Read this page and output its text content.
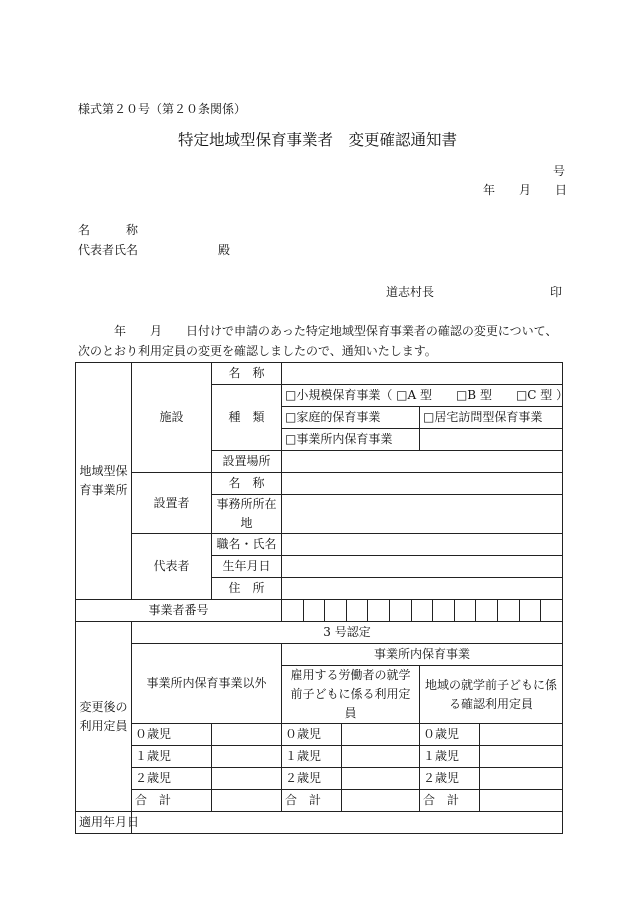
様式第２０号（第２０条関係）
特定地域型保育事業者　変更確認通知書
号
年　　月　　日
名　　　称
代表者氏名	殿
道志村長	印
年　　月　　日付けで申請のあった特定地域型保育事業者の確認の変更について、
次のとおり利用定員の変更を確認しましたので、通知いたします。
地域型保育事業所	施設	名　称				
		種　類	□小規模保育事業（ □A 型　　□B 型　　□C 型 ）			
			□家庭的保育事業		□居宅訪問型保育事業	
			□事業所内保育事業			
		設置場所				
	設置者	名　称				
		事務所所在地				

	代表者	職名・氏名				
		生年月日				
		住　所				
事業者番号						

変更後の利用定員	3 号認定					
	事業所内保育事業以外		事業所内保育事業			
			雇用する労働者の就学前子どもに係る利用定員		地域の就学前子どもに係る確認利用定員	

	０歳児		０歳児		０歳児	
	１歳児		１歳児		１歳児	
	２歳児		２歳児		２歳児	
	合　計		合　計		合　計	

適用年月日						
